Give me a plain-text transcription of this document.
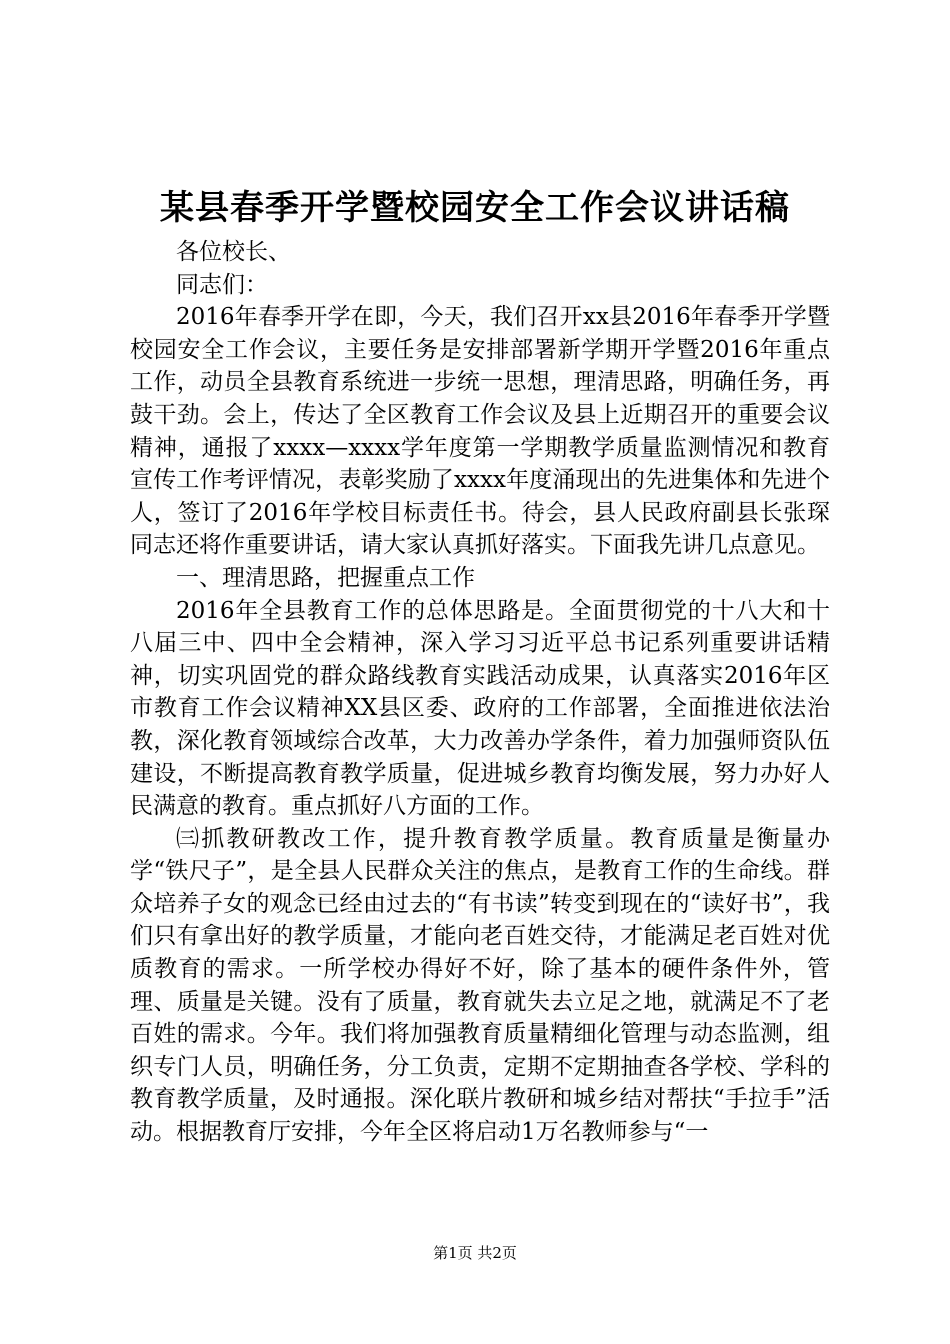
某县春季开学暨校园安全工作会议讲话稿

各位校长、

同志们：

2016年春季开学在即，今天，我们召开xx县2016年春季开学暨校园安全工作会议，主要任务是安排部署新学期开学暨2016年重点工作，动员全县教育系统进一步统一思想，理清思路，明确任务，再鼓干劲。会上，传达了全区教育工作会议及县上近期召开的重要会议精神，通报了xxxx—xxxx学年度第一学期教学质量监测情况和教育宣传工作考评情况，表彰奖励了xxxx年度涌现出的先进集体和先进个人，签订了2016年学校目标责任书。待会，县人民政府副县长张琛同志还将作重要讲话，请大家认真抓好落实。下面我先讲几点意见。

一、理清思路，把握重点工作

2016年全县教育工作的总体思路是。全面贯彻党的十八大和十八届三中、四中全会精神，深入学习习近平总书记系列重要讲话精神，切实巩固党的群众路线教育实践活动成果，认真落实2016年区市教育工作会议精神XX县区委、政府的工作部署，全面推进依法治教，深化教育领域综合改革，大力改善办学条件，着力加强师资队伍建设，不断提高教育教学质量，促进城乡教育均衡发展，努力办好人民满意的教育。重点抓好八方面的工作。

㈢抓教研教改工作，提升教育教学质量。教育质量是衡量办学“铁尺子”，是全县人民群众关注的焦点，是教育工作的生命线。群众培养子女的观念已经由过去的“有书读”转变到现在的“读好书”，我们只有拿出好的教学质量，才能向老百姓交待，才能满足老百姓对优质教育的需求。一所学校办得好不好，除了基本的硬件条件外，管理、质量是关键。没有了质量，教育就失去立足之地，就满足不了老百姓的需求。今年。我们将加强教育质量精细化管理与动态监测，组织专门人员，明确任务，分工负责，定期不定期抽查各学校、学科的教育教学质量，及时通报。深化联片教研和城乡结对帮扶“手拉手”活动。根据教育厅安排，今年全区将启动1万名教师参与“一

第1页 共2页
